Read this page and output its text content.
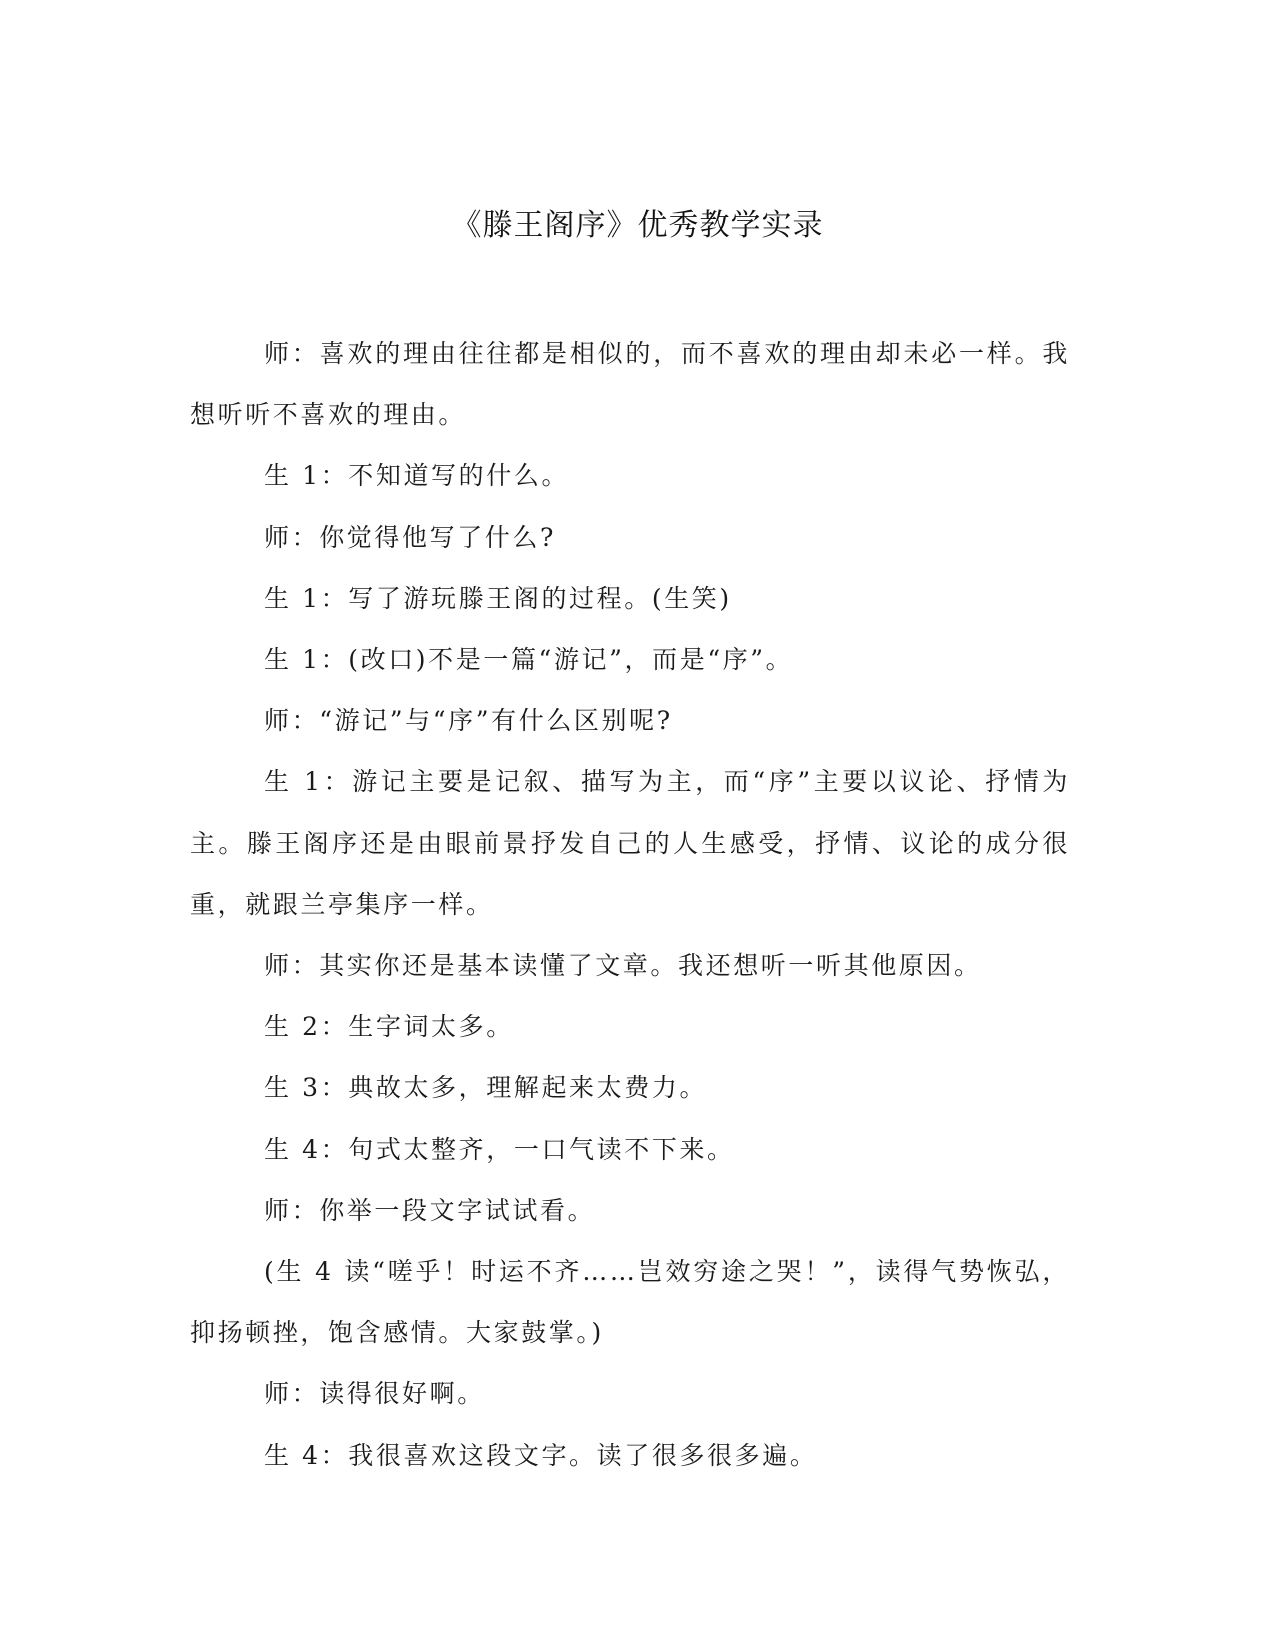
《滕王阁序》优秀教学实录

师：喜欢的理由往往都是相似的，而不喜欢的理由却未必一样。我想听听不喜欢的理由。

生 1：不知道写的什么。

师：你觉得他写了什么?

生 1：写了游玩滕王阁的过程。(生笑)

生 1：(改口)不是一篇“游记”，而是“序”。

师：“游记”与“序”有什么区别呢?

生 1：游记主要是记叙、描写为主，而“序”主要以议论、抒情为主。滕王阁序还是由眼前景抒发自己的人生感受，抒情、议论的成分很重，就跟兰亭集序一样。

师：其实你还是基本读懂了文章。我还想听一听其他原因。

生 2：生字词太多。

生 3：典故太多，理解起来太费力。

生 4：句式太整齐，一口气读不下来。

师：你举一段文字试试看。

(生 4 读“嗟乎！时运不齐……岂效穷途之哭！”，读得气势恢弘，抑扬顿挫，饱含感情。大家鼓掌。)

师：读得很好啊。

生 4：我很喜欢这段文字。读了很多很多遍。
